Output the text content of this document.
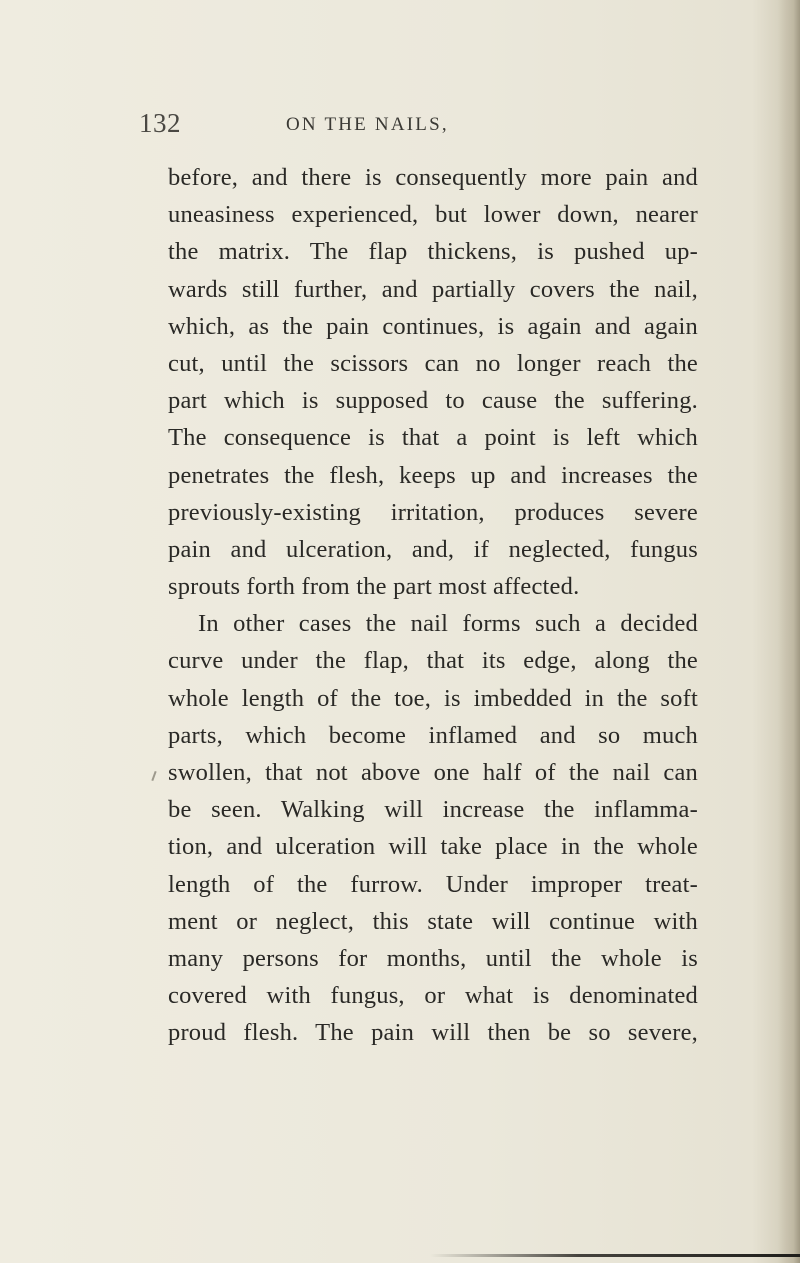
132	ON THE NAILS,
before, and there is consequently more pain and
uneasiness experienced, but lower down, nearer
the matrix. The flap thickens, is pushed up-
wards still further, and partially covers the nail,
which, as the pain continues, is again and again
cut, until the scissors can no longer reach the
part which is supposed to cause the suffering.
The consequence is that a point is left which
penetrates the flesh, keeps up and increases the
previously-existing irritation, produces severe
pain and ulceration, and, if neglected, fungus
sprouts forth from the part most affected.
In other cases the nail forms such a decided
curve under the flap, that its edge, along the
whole length of the toe, is imbedded in the soft
parts, which become inflamed and so much
swollen, that not above one half of the nail can
be seen. Walking will increase the inflamma-
tion, and ulceration will take place in the whole
length of the furrow. Under improper treat-
ment or neglect, this state will continue with
many persons for months, until the whole is
covered with fungus, or what is denominated
proud flesh. The pain will then be so severe,
